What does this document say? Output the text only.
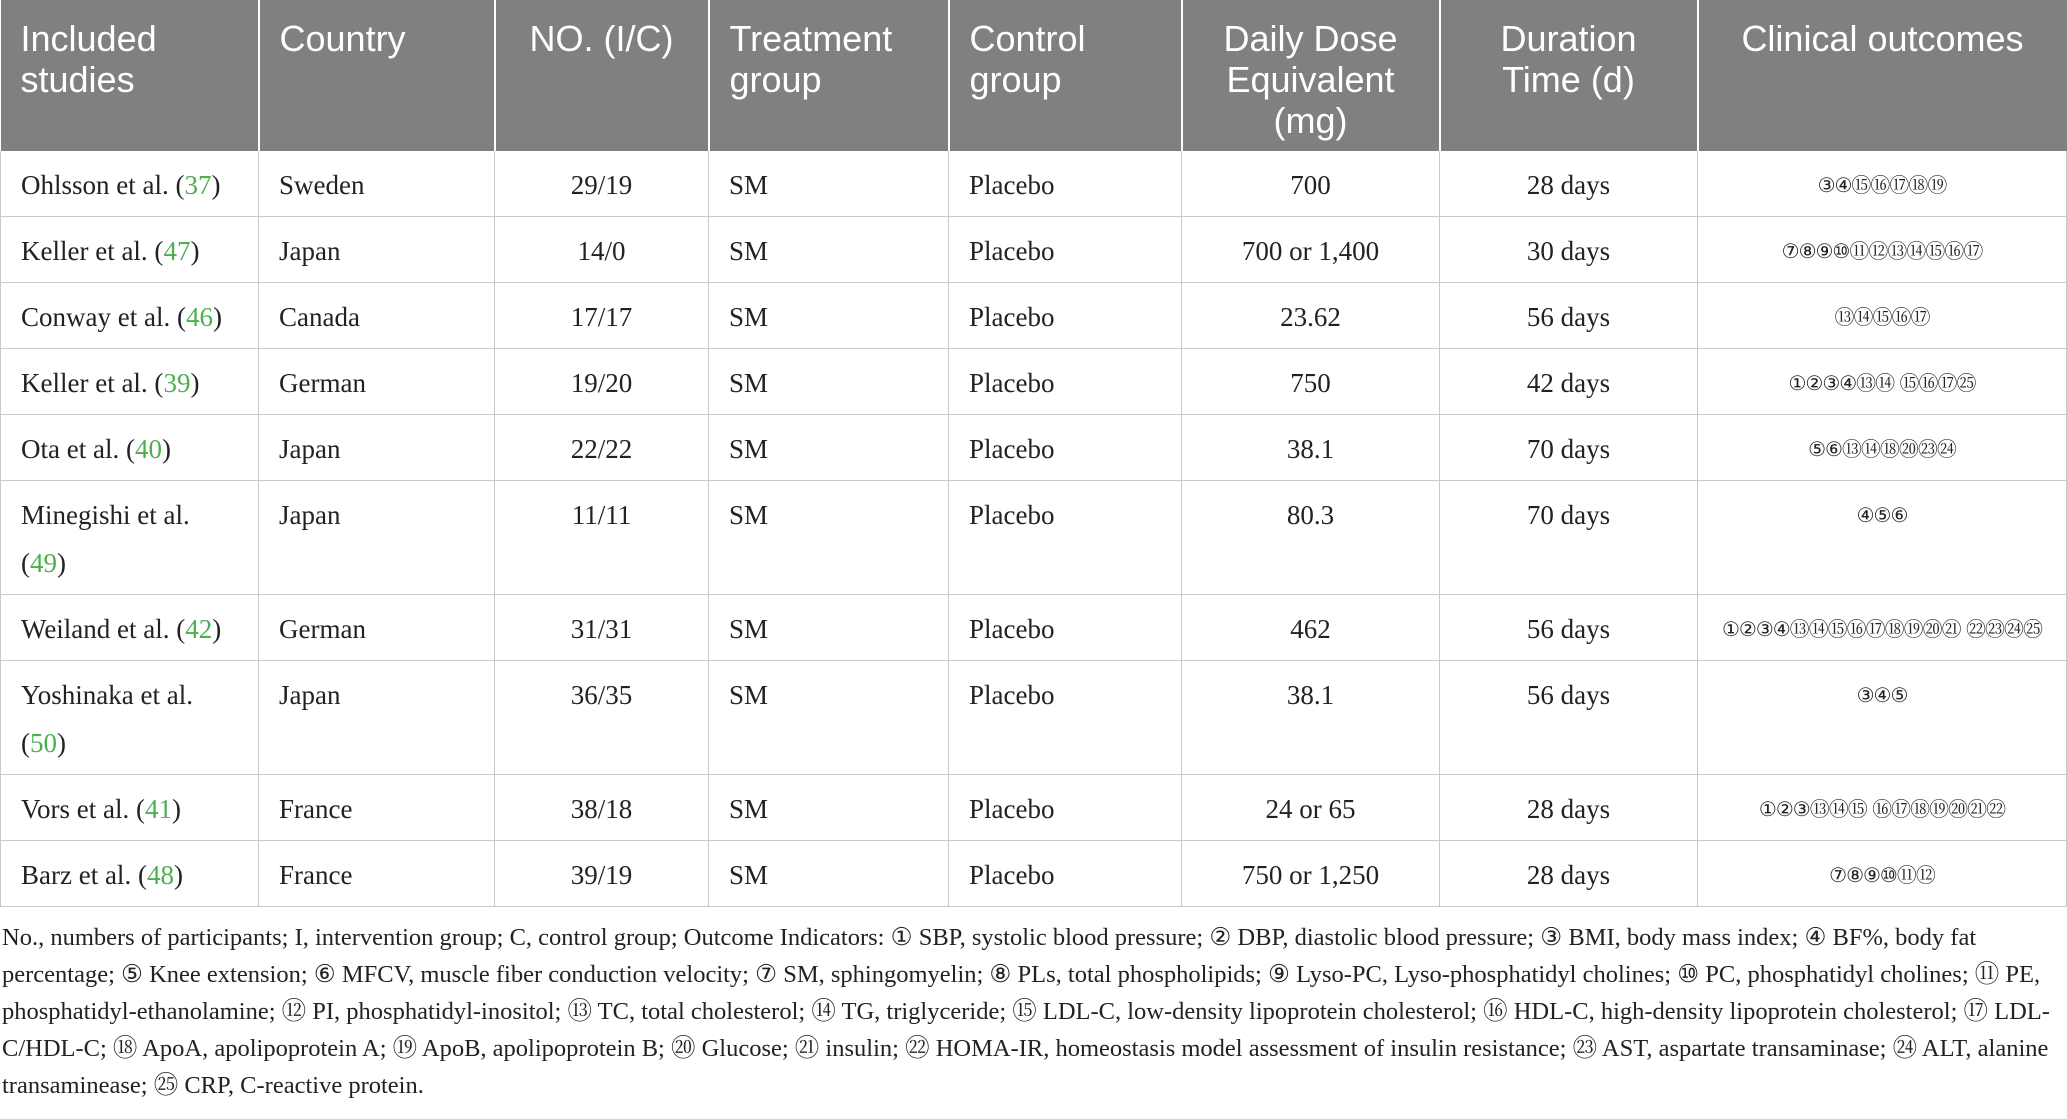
Included studies	Country	NO. (I/C)	Treatment group	Control group	Daily Dose Equivalent (mg)	Duration Time (d)	Clinical outcomes
Ohlsson et al. (37)	Sweden	29/19	SM	Placebo	700	28 days	③④⑮⑯⑰⑱⑲
Keller et al. (47)	Japan	14/0	SM	Placebo	700 or 1,400	30 days	⑦⑧⑨⑩⑪⑫⑬⑭⑮⑯⑰
Conway et al. (46)	Canada	17/17	SM	Placebo	23.62	56 days	⑬⑭⑮⑯⑰
Keller et al. (39)	German	19/20	SM	Placebo	750	42 days	①②③④⑬⑭ ⑮⑯⑰㉕
Ota et al. (40)	Japan	22/22	SM	Placebo	38.1	70 days	⑤⑥⑬⑭⑱⑳㉓㉔
Minegishi et al. (49)	Japan	11/11	SM	Placebo	80.3	70 days	④⑤⑥
Weiland et al. (42)	German	31/31	SM	Placebo	462	56 days	①②③④⑬⑭⑮⑯⑰⑱⑲⑳㉑ ㉒㉓㉔㉕
Yoshinaka et al. (50)	Japan	36/35	SM	Placebo	38.1	56 days	③④⑤
Vors et al. (41)	France	38/18	SM	Placebo	24 or 65	28 days	①②③⑬⑭⑮ ⑯⑰⑱⑲⑳㉑㉒
Barz et al. (48)	France	39/19	SM	Placebo	750 or 1,250	28 days	⑦⑧⑨⑩⑪⑫

No., numbers of participants; I, intervention group; C, control group; Outcome Indicators: ① SBP, systolic blood pressure; ② DBP, diastolic blood pressure; ③ BMI, body mass index; ④ BF%, body fat percentage; ⑤ Knee extension; ⑥ MFCV, muscle fiber conduction velocity; ⑦ SM, sphingomyelin; ⑧ PLs, total phospholipids; ⑨ Lyso-PC, Lyso-phosphatidyl cholines; ⑩ PC, phosphatidyl cholines; ⑪ PE, phosphatidyl-ethanolamine; ⑫ PI, phosphatidyl-inositol; ⑬ TC, total cholesterol; ⑭ TG, triglyceride; ⑮ LDL-C, low-density lipoprotein cholesterol; ⑯ HDL-C, high-density lipoprotein cholesterol; ⑰ LDL-C/HDL-C; ⑱ ApoA, apolipoprotein A; ⑲ ApoB, apolipoprotein B; ⑳ Glucose; ㉑ insulin; ㉒ HOMA-IR, homeostasis model assessment of insulin resistance; ㉓ AST, aspartate transaminase; ㉔ ALT, alanine transaminease; ㉕ CRP, C-reactive protein.
